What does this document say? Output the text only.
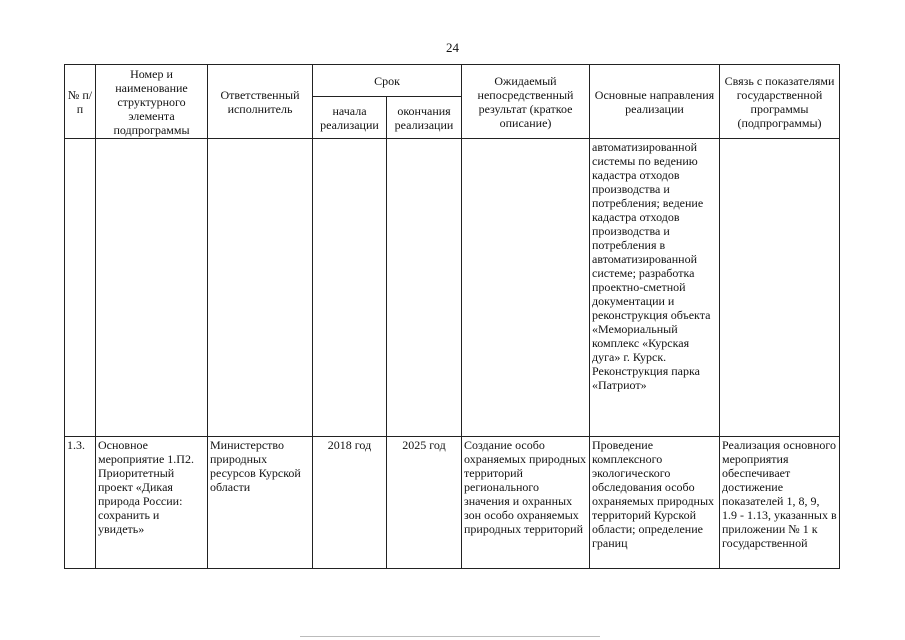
24
№ п/п	Номер и наименование структурного элемента подпрограммы	Ответственный исполнитель	Срок		Ожидаемый непосредственный результат (краткое описание)	Основные направления реализации	Связь с показателями государственной программы (подпрограммы)
			начала реализации	окончания реализации			
						автоматизированной системы по ведению кадастра отходов производства и потребления; ведение кадастра отходов производства и потребления в автоматизированной системе; разработка проектно-сметной документации и реконструкция объекта «Мемориальный комплекс «Курская дуга» г. Курск. Реконструкция парка «Патриот»	
1.3.	Основное мероприятие 1.П2. Приоритетный проект «Дикая природа России: сохранить и увидеть»	Министерство природных ресурсов Курской области	2018 год	2025 год	Создание особо охраняемых природных территорий регионального значения и охранных зон особо охраняемых природных территорий	Проведение комплексного экологического обследования особо охраняемых природных территорий Курской области; определение границ	Реализация основного мероприятия обеспечивает достижение показателей 1, 8, 9, 1.9 - 1.13, указанных в приложении № 1 к государственной
